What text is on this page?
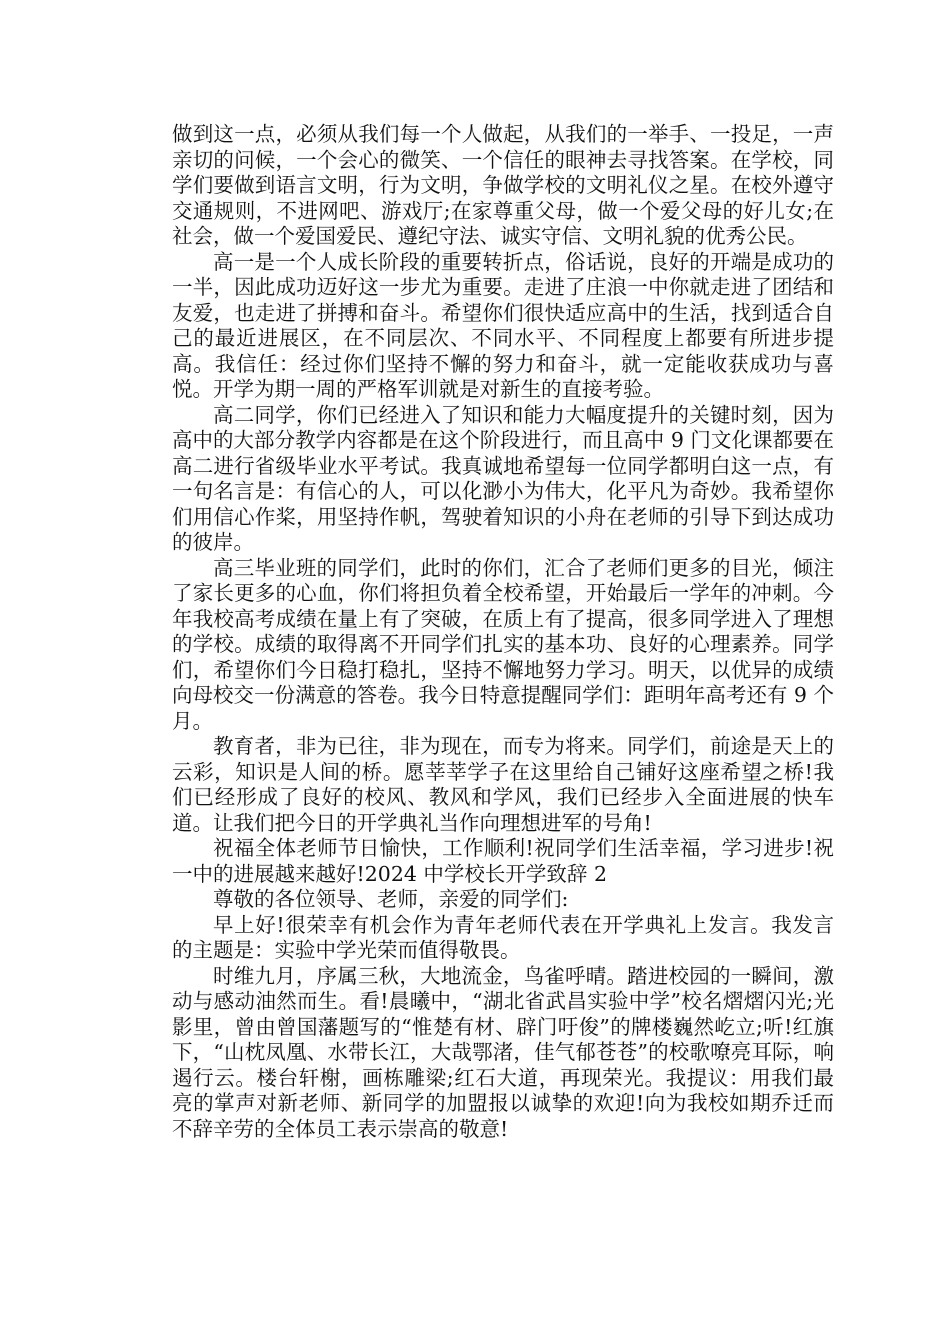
做到这一点，必须从我们每一个人做起，从我们的一举手、一投足，一声亲切的问候，一个会心的微笑、一个信任的眼神去寻找答案。在学校，同学们要做到语言文明，行为文明，争做学校的文明礼仪之星。在校外遵守交通规则，不进网吧、游戏厅;在家尊重父母，做一个爱父母的好儿女;在社会，做一个爱国爱民、遵纪守法、诚实守信、文明礼貌的优秀公民。

高一是一个人成长阶段的重要转折点，俗话说，良好的开端是成功的一半，因此成功迈好这一步尤为重要。走进了庄浪一中你就走进了团结和友爱，也走进了拼搏和奋斗。希望你们很快适应高中的生活，找到适合自己的最近进展区，在不同层次、不同水平、不同程度上都要有所进步提高。我信任：经过你们坚持不懈的努力和奋斗，就一定能收获成功与喜悦。开学为期一周的严格军训就是对新生的直接考验。

高二同学，你们已经进入了知识和能力大幅度提升的关键时刻，因为高中的大部分教学内容都是在这个阶段进行，而且高中 9 门文化课都要在高二进行省级毕业水平考试。我真诚地希望每一位同学都明白这一点，有一句名言是：有信心的人，可以化渺小为伟大，化平凡为奇妙。我希望你们用信心作桨，用坚持作帆，驾驶着知识的小舟在老师的引导下到达成功的彼岸。

高三毕业班的同学们，此时的你们，汇合了老师们更多的目光，倾注了家长更多的心血，你们将担负着全校希望，开始最后一学年的冲刺。今年我校高考成绩在量上有了突破，在质上有了提高，很多同学进入了理想的学校。成绩的取得离不开同学们扎实的基本功、良好的心理素养。同学们，希望你们今日稳打稳扎，坚持不懈地努力学习。明天，以优异的成绩向母校交一份满意的答卷。我今日特意提醒同学们：距明年高考还有 9 个月。

教育者，非为已往，非为现在，而专为将来。同学们，前途是天上的云彩，知识是人间的桥。愿莘莘学子在这里给自己铺好这座希望之桥!我们已经形成了良好的校风、教风和学风，我们已经步入全面进展的快车道。让我们把今日的开学典礼当作向理想进军的号角!

祝福全体老师节日愉快，工作顺利!祝同学们生活幸福，学习进步!祝一中的进展越来越好!2024 中学校长开学致辞 2

尊敬的各位领导、老师，亲爱的同学们:

早上好!很荣幸有机会作为青年老师代表在开学典礼上发言。我发言的主题是：实验中学光荣而值得敬畏。

时维九月，序属三秋，大地流金，鸟雀呼晴。踏进校园的一瞬间，激动与感动油然而生。看!晨曦中，“湖北省武昌实验中学”校名熠熠闪光;光影里，曾由曾国藩题写的“惟楚有材、辟门吁俊”的牌楼巍然屹立;听!红旗下，“山枕凤凰、水带长江，大哉鄂渚，佳气郁苍苍”的校歌嘹亮耳际，响遏行云。楼台轩榭，画栋雕梁;红石大道，再现荣光。我提议：用我们最亮的掌声对新老师、新同学的加盟报以诚挚的欢迎!向为我校如期乔迁而不辞辛劳的全体员工表示崇高的敬意!
